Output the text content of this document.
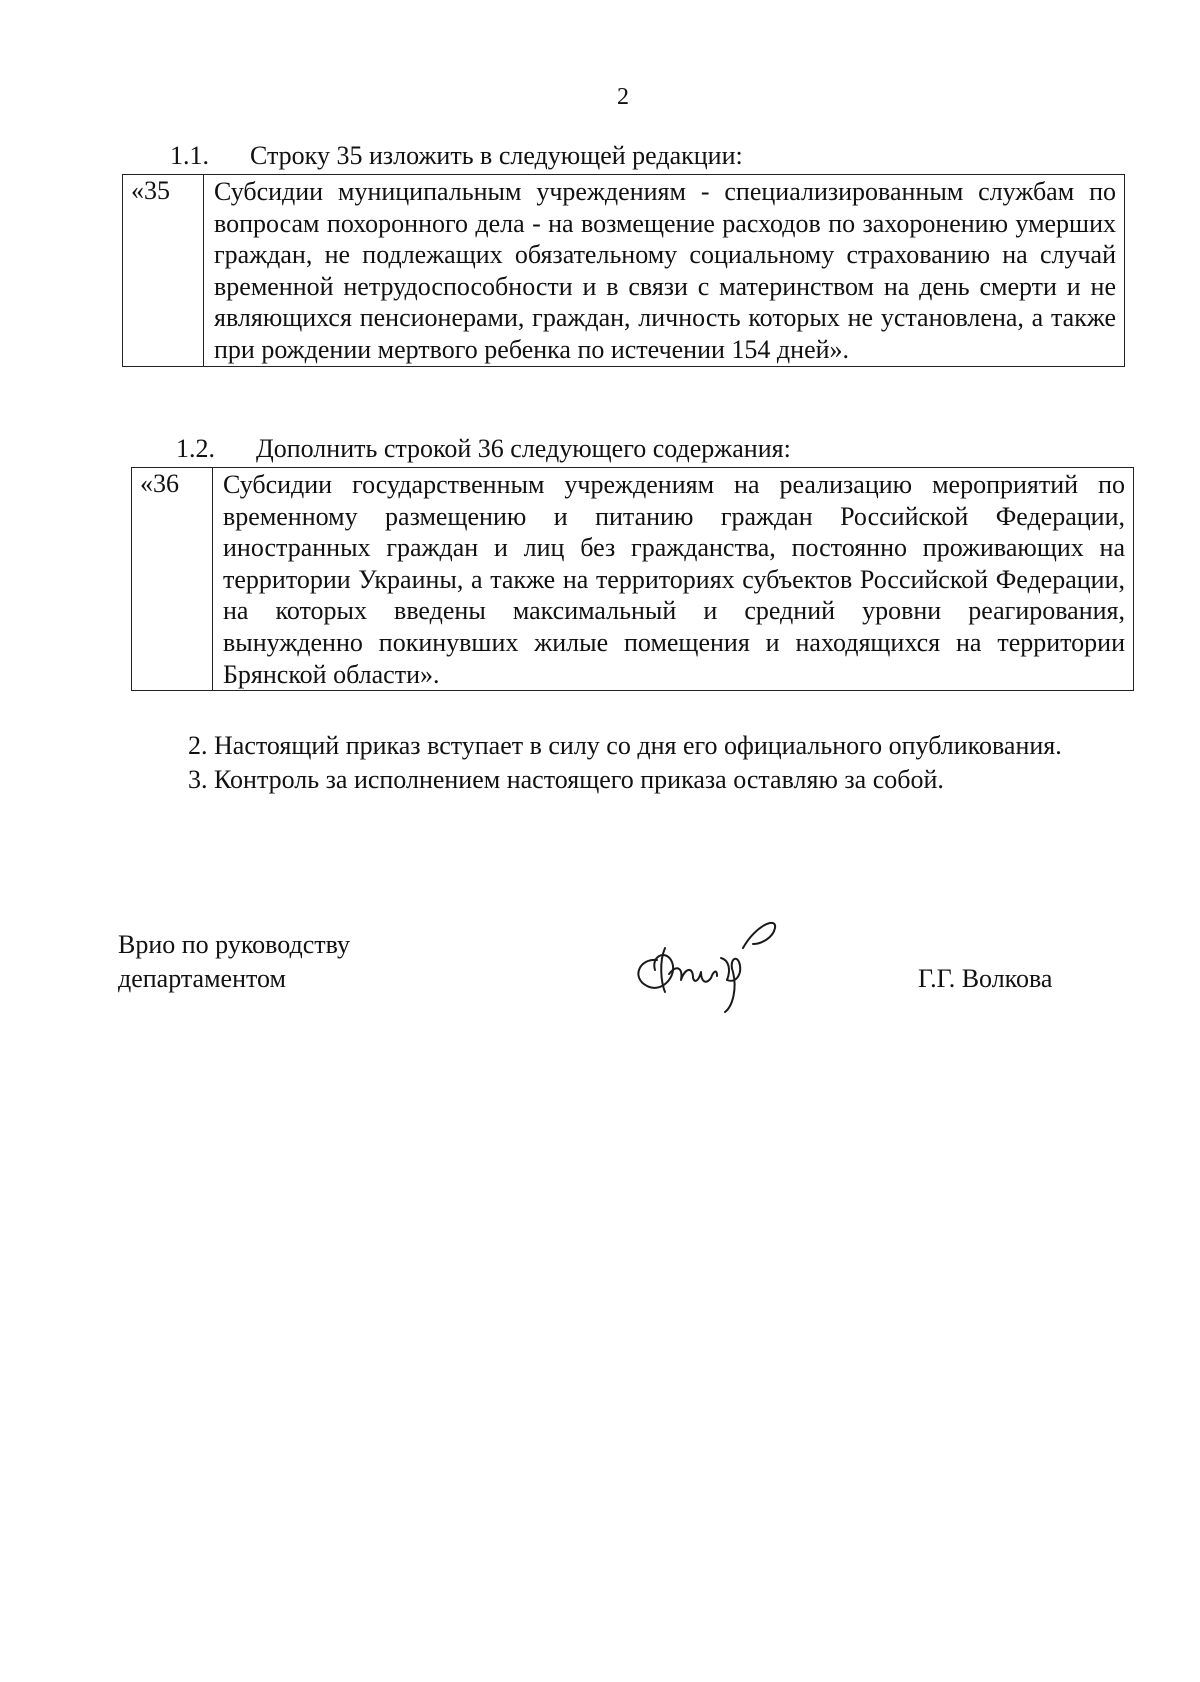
2
1.1. Строку 35 изложить в следующей редакции:
«35	Субсидии муниципальным учреждениям - специализированным службам по вопросам похоронного дела - на возмещение расходов по захоронению умерших граждан, не подлежащих обязательному социальному страхованию на случай временной нетрудоспособности и в связи с материнством на день смерти и не являющихся пенсионерами, граждан, личность которых не установлена, а также при рождении мертвого ребенка по истечении 154 дней».
1.2. Дополнить строкой 36 следующего содержания:
«36	Субсидии государственным учреждениям на реализацию мероприятий по временному размещению и питанию граждан Российской Федерации, иностранных граждан и лиц без гражданства, постоянно проживающих на территории Украины, а также на территориях субъектов Российской Федерации, на которых введены максимальный и средний уровни реагирования, вынужденно покинувших жилые помещения и находящихся на территории Брянской области».
2. Настоящий приказ вступает в силу со дня его официального опубликования.
3. Контроль за исполнением настоящего приказа оставляю за собой.
Врио по руководству
департаментом	Г.Г. Волкова
